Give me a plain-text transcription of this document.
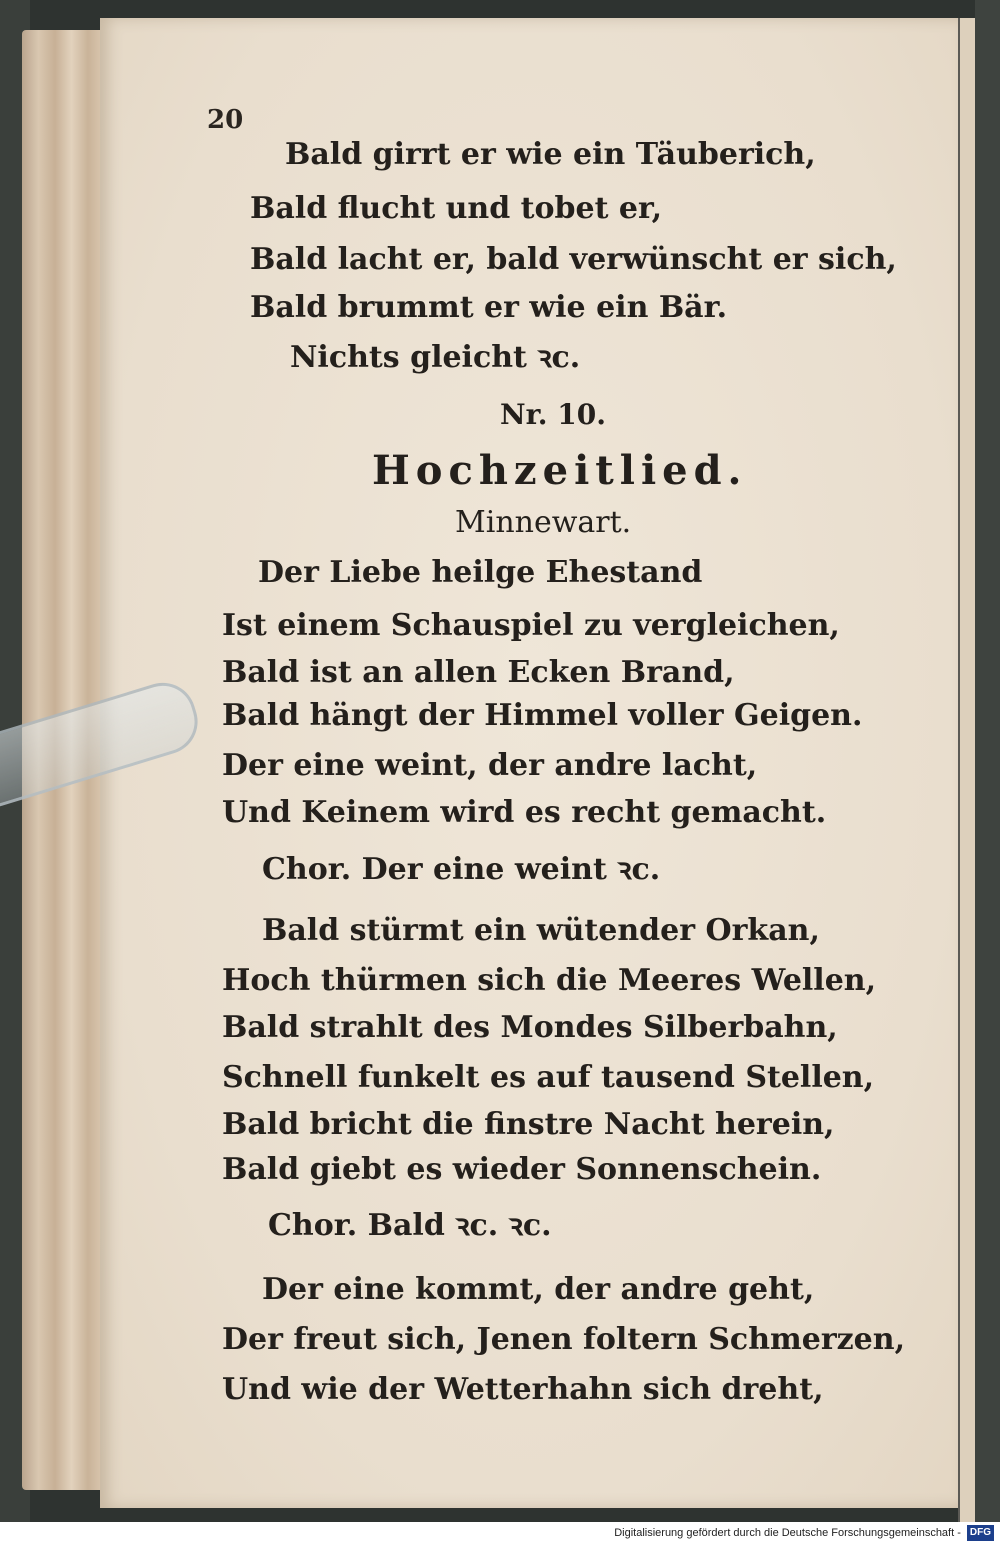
20
Bald girrt er wie ein Täuberich,
Bald flucht und tobet er,
Bald lacht er, bald verwünscht er sich,
Bald brummt er wie ein Bär.
Nichts gleicht ꝛc.
Nr. 10.
Hochzeitlied.
Minnewart.
Der Liebe heilge Ehestand
Ist einem Schauspiel zu vergleichen,
Bald ist an allen Ecken Brand,
Bald hängt der Himmel voller Geigen.
Der eine weint, der andre lacht,
Und Keinem wird es recht gemacht.
Chor. Der eine weint ꝛc.
Bald stürmt ein wütender Orkan,
Hoch thürmen sich die Meeres Wellen,
Bald strahlt des Mondes Silberbahn,
Schnell funkelt es auf tausend Stellen,
Bald bricht die finstre Nacht herein,
Bald giebt es wieder Sonnenschein.
Chor. Bald ꝛc. ꝛc.
Der eine kommt, der andre geht,
Der freut sich, Jenen foltern Schmerzen,
Und wie der Wetterhahn sich dreht,
Digitalisierung gefördert durch die Deutsche Forschungsgemeinschaft - DFG
